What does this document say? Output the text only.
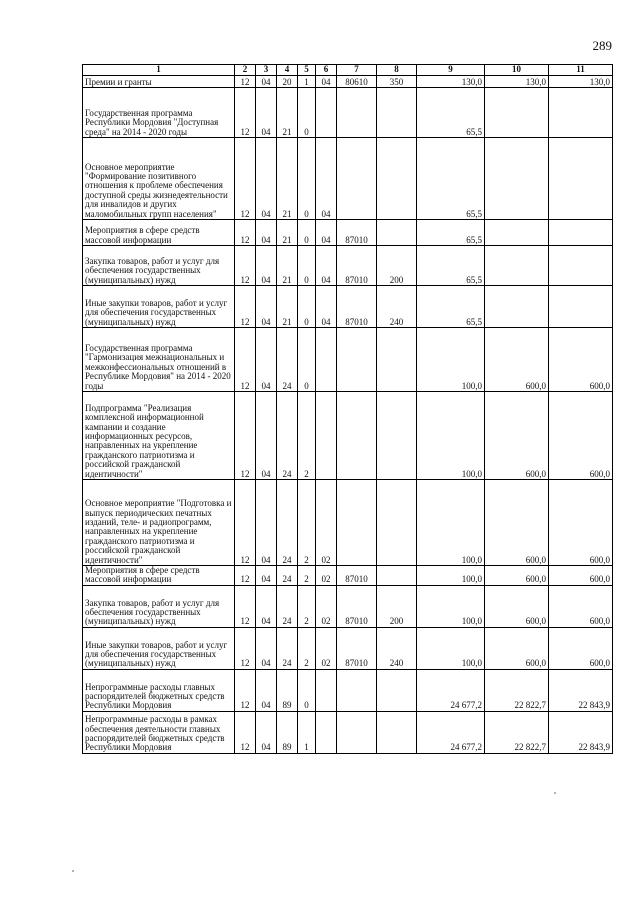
289
1	2	3	4	5	6	7	8	9	10	11
Премии и гранты	12	04	20	1	04	80610	350	130,0	130,0	130,0
Государственная программа Республики Мордовия "Доступная среда" на 2014 - 2020 годы	12	04	21	0				65,5		
Основное мероприятие "Формирование позитивного отношения к проблеме обеспечения доступной среды жизнедеятельности для инвалидов и других маломобильных групп населения"	12	04	21	0	04			65,5		
Мероприятия в сфере средств массовой информации	12	04	21	0	04	87010		65,5		
Закупка товаров, работ и услуг для обеспечения государственных (муниципальных) нужд	12	04	21	0	04	87010	200	65,5		
Иные закупки товаров, работ и услуг для обеспечения государственных (муниципальных) нужд	12	04	21	0	04	87010	240	65,5		
Государственная программа "Гармонизация межнациональных и межконфессиональных отношений в Республике Мордовия" на 2014 - 2020 годы	12	04	24	0				100,0	600,0	600,0
Подпрограмма "Реализация комплексной информационной кампании и создание информационных ресурсов, направленных на укрепление гражданского патриотизма и российской гражданской идентичности"	12	04	24	2				100,0	600,0	600,0
Основное мероприятие "Подготовка и выпуск периодических печатных изданий, теле- и радиопрограмм, направленных на укрепление гражданского патриотизма и российской гражданской идентичности"	12	04	24	2	02			100,0	600,0	600,0
Мероприятия в сфере средств массовой информации	12	04	24	2	02	87010		100,0	600,0	600,0
Закупка товаров, работ и услуг для обеспечения государственных (муниципальных) нужд	12	04	24	2	02	87010	200	100,0	600,0	600,0
Иные закупки товаров, работ и услуг для обеспечения государственных (муниципальных) нужд	12	04	24	2	02	87010	240	100,0	600,0	600,0
Непрограммные расходы главных распорядителей бюджетных средств Республики Мордовия	12	04	89	0				24 677,2	22 822,7	22 843,9
Непрограммные расходы в рамках обеспечения деятельности главных распорядителей бюджетных средств Республики Мордовия	12	04	89	1				24 677,2	22 822,7	22 843,9
